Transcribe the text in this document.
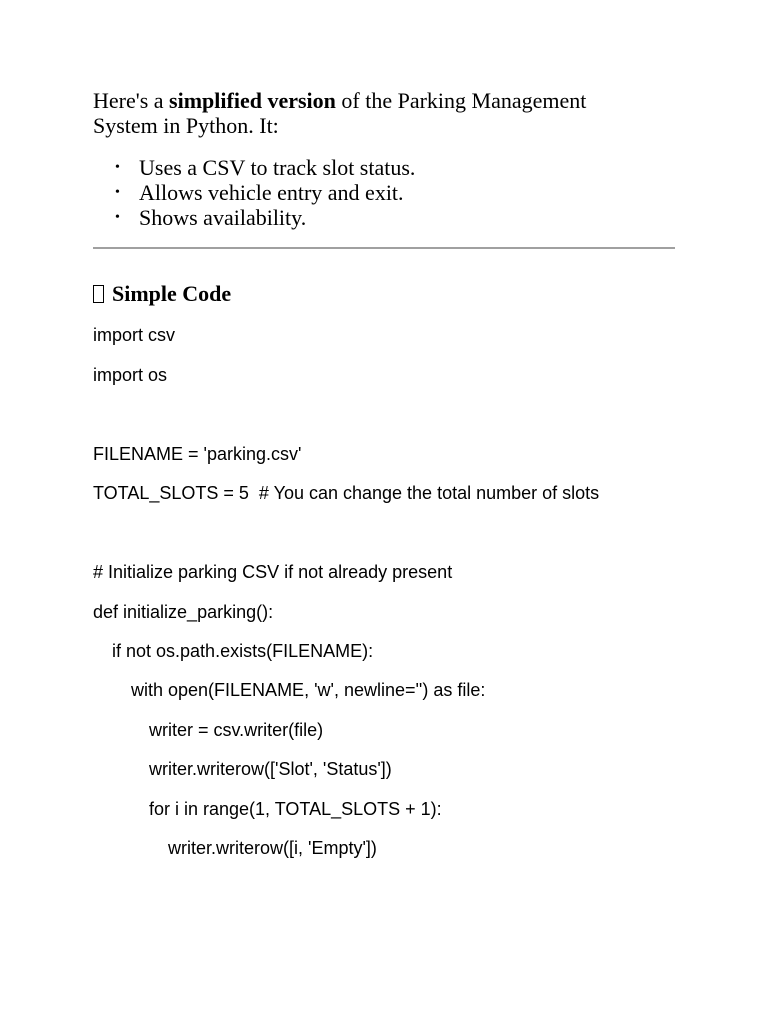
Here's a simplified version of the Parking Management System in Python. It:

• Uses a CSV to track slot status.
• Allows vehicle entry and exit.
• Shows availability.
Simple Code
import csv
import os
FILENAME = 'parking.csv'
TOTAL_SLOTS = 5  # You can change the total number of slots
# Initialize parking CSV if not already present
def initialize_parking():
if not os.path.exists(FILENAME):
with open(FILENAME, 'w', newline='') as file:
writer = csv.writer(file)
writer.writerow(['Slot', 'Status'])
for i in range(1, TOTAL_SLOTS + 1):
writer.writerow([i, 'Empty'])
